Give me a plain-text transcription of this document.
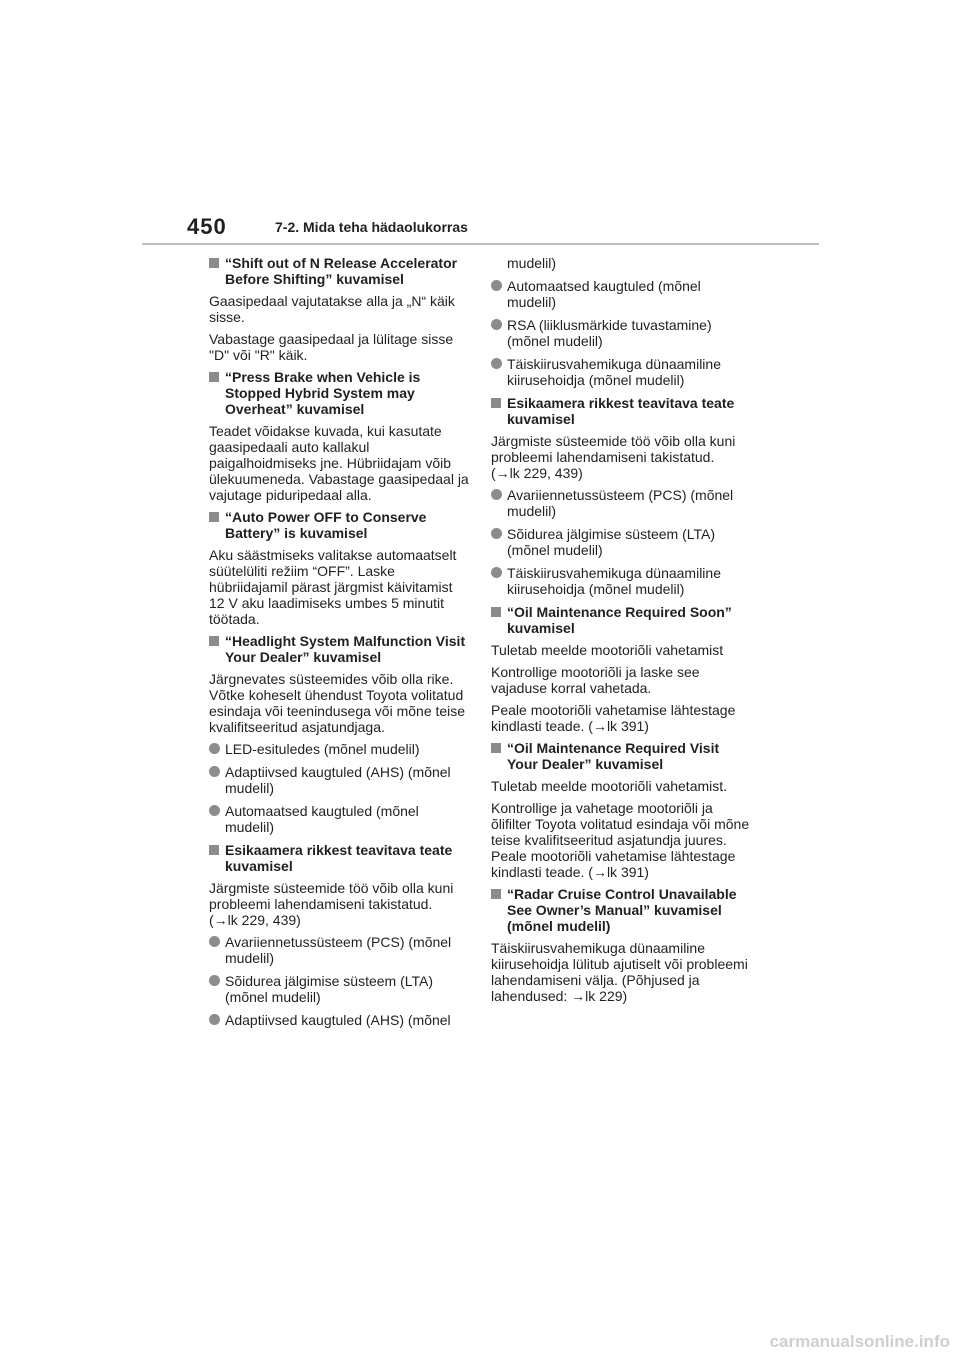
450	7-2. Mida teha hädaolukorras
“Shift out of N Release Accelerator Before Shifting” kuvamisel

Gaasipedaal vajutatakse alla ja „N“ käik sisse.

Vabastage gaasipedaal ja lülitage sisse "D" või "R" käik.

“Press Brake when Vehicle is Stopped Hybrid System may Overheat” kuvamisel

Teadet võidakse kuvada, kui kasutate gaasipedaali auto kallakul paigalhoidmiseks jne. Hübriidajam võib ülekuumeneda. Vabastage gaasipedaal ja vajutage piduripedaal alla.

“Auto Power OFF to Conserve Battery” is kuvamisel

Aku säästmiseks valitakse automaatselt süütelüliti režiim “OFF”. Laske hübriidajamil pärast järgmist käivitamist 12 V aku laadimiseks umbes 5 minutit töötada.

“Headlight System Malfunction Visit Your Dealer” kuvamisel

Järgnevates süsteemides võib olla rike. Võtke koheselt ühendust Toyota volitatud esindaja või teenindusega või mõne teise kvalifitseeritud asjatundjaga.

LED-esituledes (mõnel mudelil)
Adaptiivsed kaugtuled (AHS) (mõnel mudelil)
Automaatsed kaugtuled (mõnel mudelil)
Esikaamera rikkest teavitava teate kuvamisel

Järgmiste süsteemide töö võib olla kuni probleemi lahendamiseni takistatud.
(→lk 229, 439)

Avariiennetussüsteem (PCS) (mõnel mudelil)
Sõidurea jälgimise süsteem (LTA) (mõnel mudelil)
Adaptiivsed kaugtuled (AHS) (mõnel
mudelil)
Automaatsed kaugtuled (mõnel mudelil)
RSA (liiklusmärkide tuvastamine) (mõnel mudelil)
Täiskiirusvahemikuga dünaamiline kiirusehoidja (mõnel mudelil)
Esikaamera rikkest teavitava teate kuvamisel

Järgmiste süsteemide töö võib olla kuni probleemi lahendamiseni takistatud.
(→lk 229, 439)

Avariiennetussüsteem (PCS) (mõnel mudelil)
Sõidurea jälgimise süsteem (LTA) (mõnel mudelil)
Täiskiirusvahemikuga dünaamiline kiirusehoidja (mõnel mudelil)
“Oil Maintenance Required Soon” kuvamisel

Tuletab meelde mootoriõli vahetamist

Kontrollige mootoriõli ja laske see vajaduse korral vahetada.

Peale mootoriõli vahetamise lähtestage kindlasti teade. (→lk 391)

“Oil Maintenance Required Visit Your Dealer” kuvamisel

Tuletab meelde mootoriõli vahetamist.

Kontrollige ja vahetage mootoriõli ja õlifilter Toyota volitatud esindaja või mõne teise kvalifitseeritud asjatundja juures. Peale mootoriõli vahetamise lähtestage kindlasti teade. (→lk 391)

“Radar Cruise Control Unavailable See Owner’s Manual” kuvamisel (mõnel mudelil)

Täiskiirusvahemikuga dünaamiline kiirusehoidja lülitub ajutiselt või probleemi lahendamiseni välja. (Põhjused ja lahendused: →lk 229)

carmanualsonline.info
